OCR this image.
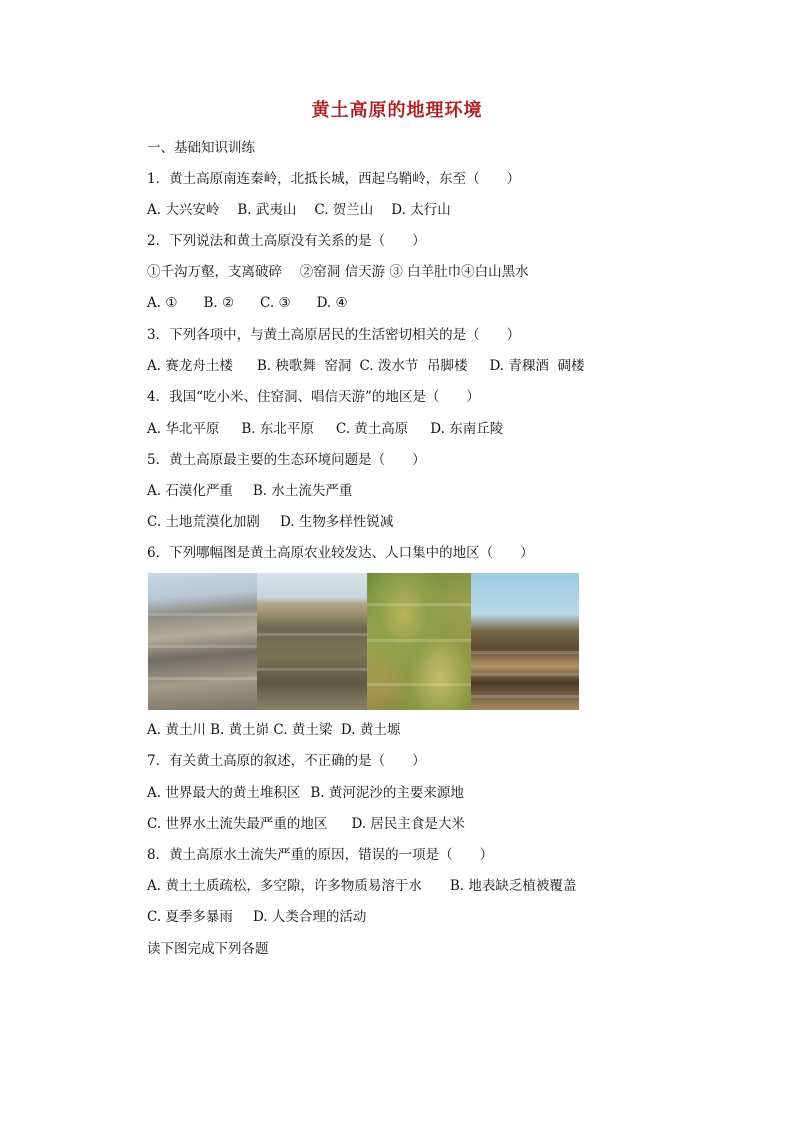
黄土高原的地理环境
一、基础知识训练
1．黄土高原南连秦岭，北抵长城，西起乌鞘岭，东至（　　）
A. 大兴安岭 B. 武夷山 C. 贺兰山 D. 太行山
2．下列说法和黄土高原没有关系的是（　　）
①千沟万壑，支离破碎　 ②窑洞 信天游 ③ 白羊肚巾④白山黑水
A. ① B. ② C. ③ D. ④
3．下列各项中，与黄土高原居民的生活密切相关的是（　　）
A. 赛龙舟土楼 B. 秧歌舞  窑洞 C. 泼水节  吊脚楼 D. 青稞酒  碉楼
4．我国“吃小米、住窑洞、唱信天游”的地区是（　　）
A. 华北平原 B. 东北平原 C. 黄土高原 D. 东南丘陵
5．黄土高原最主要的生态环境问题是（　　）
A. 石漠化严重 B. 水土流失严重
C. 土地荒漠化加剧 D. 生物多样性锐减
6．下列哪幅图是黄土高原农业较发达、人口集中的地区（　　）
A. 黄土川 B. 黄土峁 C. 黄土梁  D. 黄土塬
7．有关黄土高原的叙述，不正确的是（　　）
A. 世界最大的黄土堆积区 B. 黄河泥沙的主要来源地
C. 世界水土流失最严重的地区 D. 居民主食是大米
8．黄土高原水土流失严重的原因，错误的一项是（　　）
A. 黄土土质疏松，多空隙，许多物质易溶于水 B. 地表缺乏植被覆盖
C. 夏季多暴雨 D. 人类合理的活动
读下图完成下列各题
